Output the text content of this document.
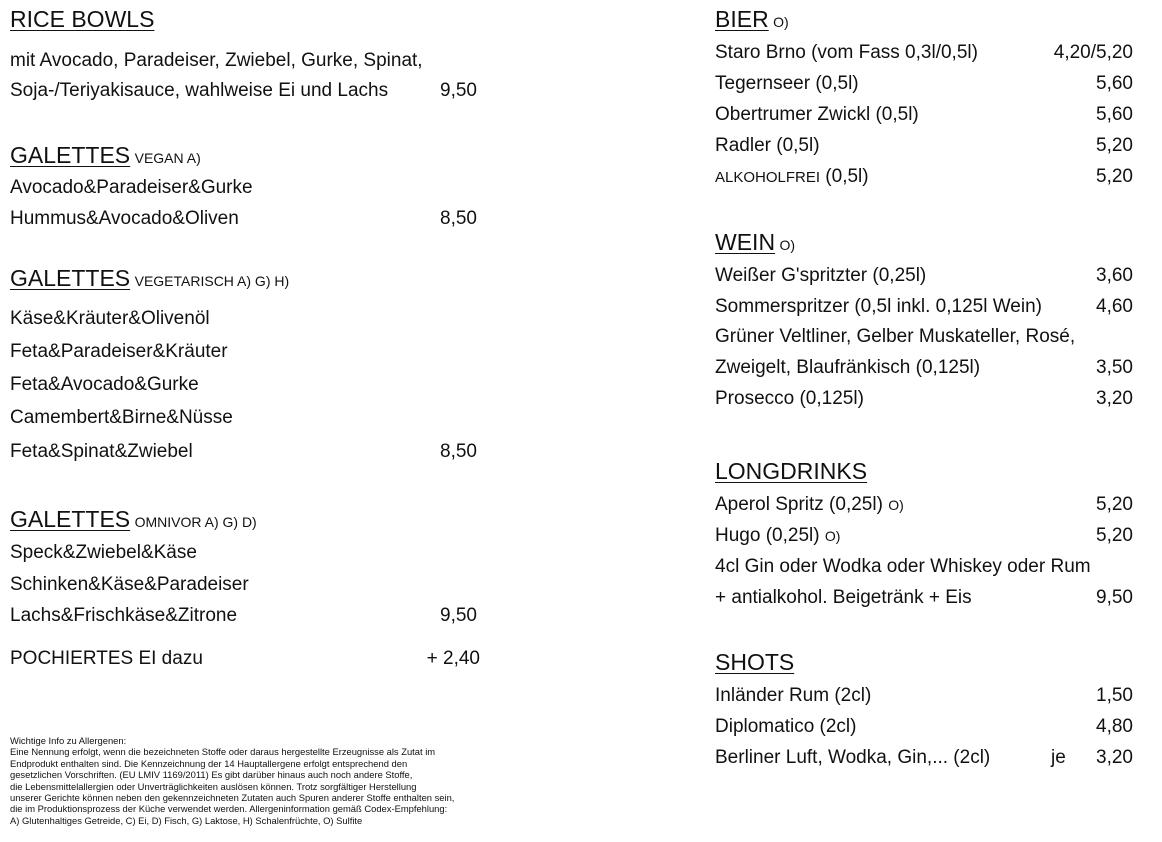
RICE BOWLS
mit Avocado, Paradeiser, Zwiebel, Gurke, Spinat,
Soja-/Teriyakisauce, wahlweise Ei und Lachs	9,50
GALETTES VEGAN A)
Avocado&Paradeiser&Gurke
Hummus&Avocado&Oliven	8,50
GALETTES VEGETARISCH A) G) H)
Käse&Kräuter&Olivenöl
Feta&Paradeiser&Kräuter
Feta&Avocado&Gurke
Camembert&Birne&Nüsse
Feta&Spinat&Zwiebel	8,50
GALETTES OMNIVOR A) G) D)
Speck&Zwiebel&Käse
Schinken&Käse&Paradeiser
Lachs&Frischkäse&Zitrone	9,50
POCHIERTES EI dazu	+ 2,40
Wichtige Info zu Allergenen:
Eine Nennung erfolgt, wenn die bezeichneten Stoffe oder daraus hergestellte Erzeugnisse als Zutat im
Endprodukt enthalten sind. Die Kennzeichnung der 14 Hauptallergene erfolgt entsprechend den
gesetzlichen Vorschriften. (EU LMIV 1169/2011) Es gibt darüber hinaus auch noch andere Stoffe,
die Lebensmittelallergien oder Unverträglichkeiten auslösen können. Trotz sorgfältiger Herstellung
unserer Gerichte können neben den gekennzeichneten Zutaten auch Spuren anderer Stoffe enthalten sein,
die im Produktionsprozess der Küche verwendet werden. Allergeninformation gemäß Codex-Empfehlung:
A) Glutenhaltiges Getreide, C) Ei, D) Fisch, G) Laktose, H) Schalenfrüchte, O) Sulfite
BIER O)
Staro Brno (vom Fass 0,3l/0,5l)	4,20/5,20
Tegernseer (0,5l)	5,60
Obertrumer Zwickl (0,5l)	5,60
Radler (0,5l)	5,20
ALKOHOLFREI (0,5l)	5,20
WEIN O)
Weißer G'spritzter (0,25l)	3,60
Sommerspritzer (0,5l inkl. 0,125l Wein)	4,60
Grüner Veltliner, Gelber Muskateller, Rosé,
Zweigelt, Blaufränkisch (0,125l)	3,50
Prosecco (0,125l)	3,20
LONGDRINKS
Aperol Spritz (0,25l) O)	5,20
Hugo (0,25l) O)	5,20
4cl Gin oder Wodka oder Whiskey oder Rum
+ antialkohol. Beigetränk + Eis	9,50
SHOTS
Inländer Rum (2cl)	1,50
Diplomatico (2cl)	4,80
Berliner Luft, Wodka, Gin,... (2cl)	je	3,20
